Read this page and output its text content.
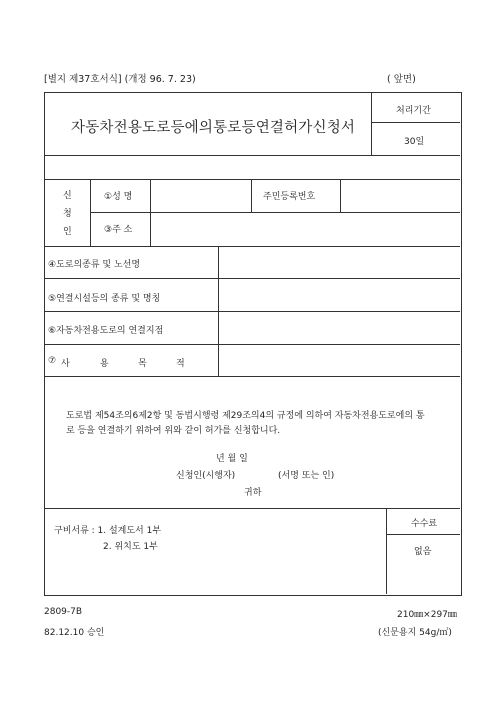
[별지 제37호서식] (개정 96. 7. 23)	( 앞면)
자동차전용도로등에의통로등연결허가신청서
처리기간
30일
신
청
인
①성 명	주민등록번호
③주 소
④도로의종류 및 노선명
⑤연결시설등의 종류 및 명칭
⑥자동차전용도로의 연결지점
⑦ 사	용	목	적
도로법 제54조의6제2항 및 동법시행령 제29조의4의 규정에 의하여 자동차전용도로에의 통
로 등을 연결하기 위하여 위와 같이 허가를 신청합니다.
년 월 일
신청인(시행자)	(서명 또는 인)
귀하
구비서류 : 1. 설계도서 1부
2. 위치도 1부
수수료
없음
2809-7B
82.12.10 승인
210㎜×297㎜
(신문용지 54g/㎡)
